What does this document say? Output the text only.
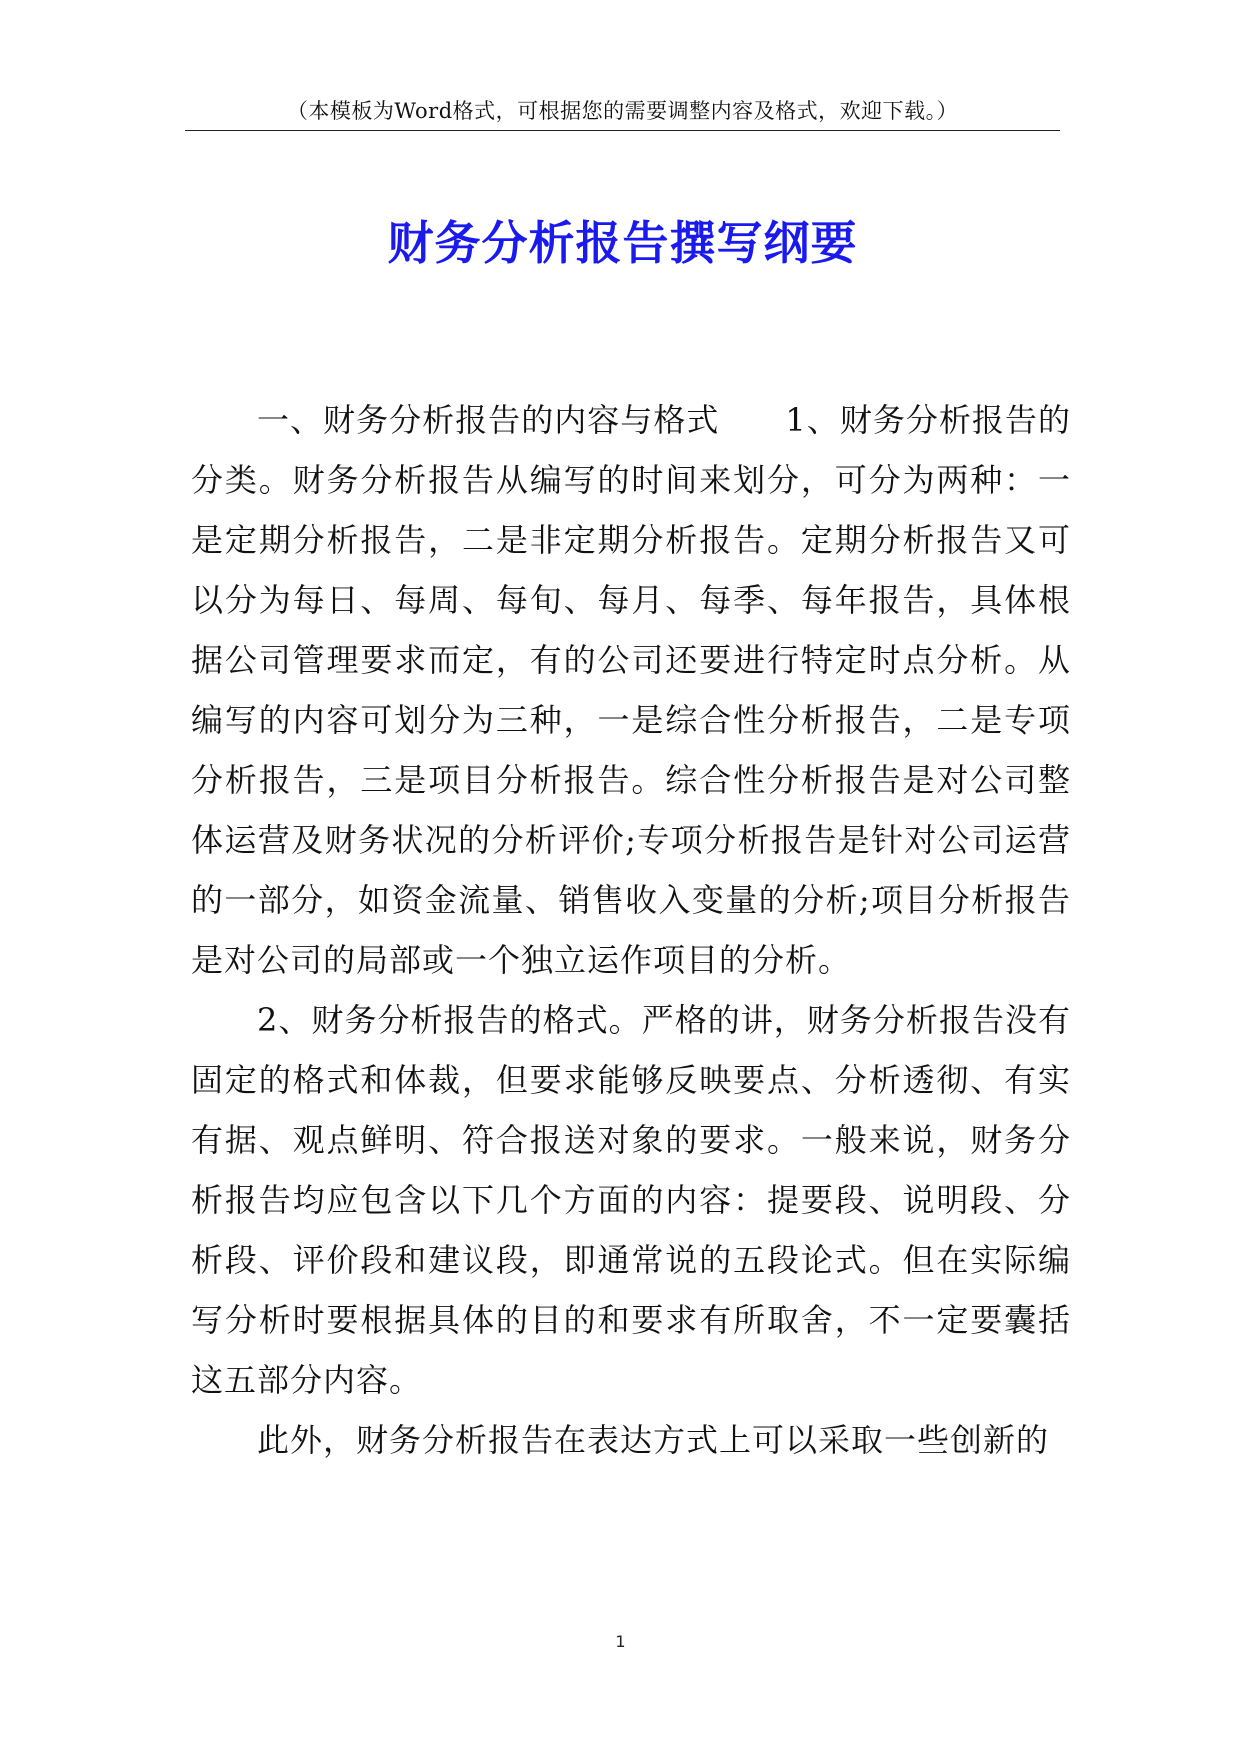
（本模板为Word格式，可根据您的需要调整内容及格式，欢迎下载。）
财务分析报告撰写纲要

一、财务分析报告的内容与格式　　1、财务分析报告的分类。财务分析报告从编写的时间来划分，可分为两种：一是定期分析报告，二是非定期分析报告。定期分析报告又可以分为每日、每周、每旬、每月、每季、每年报告，具体根据公司管理要求而定，有的公司还要进行特定时点分析。从编写的内容可划分为三种，一是综合性分析报告，二是专项分析报告，三是项目分析报告。综合性分析报告是对公司整体运营及财务状况的分析评价;专项分析报告是针对公司运营的一部分，如资金流量、销售收入变量的分析;项目分析报告是对公司的局部或一个独立运作项目的分析。

2、财务分析报告的格式。严格的讲，财务分析报告没有固定的格式和体裁，但要求能够反映要点、分析透彻、有实有据、观点鲜明、符合报送对象的要求。一般来说，财务分析报告均应包含以下几个方面的内容：提要段、说明段、分析段、评价段和建议段，即通常说的五段论式。但在实际编写分析时要根据具体的目的和要求有所取舍，不一定要囊括这五部分内容。

此外，财务分析报告在表达方式上可以采取一些创新的

1
